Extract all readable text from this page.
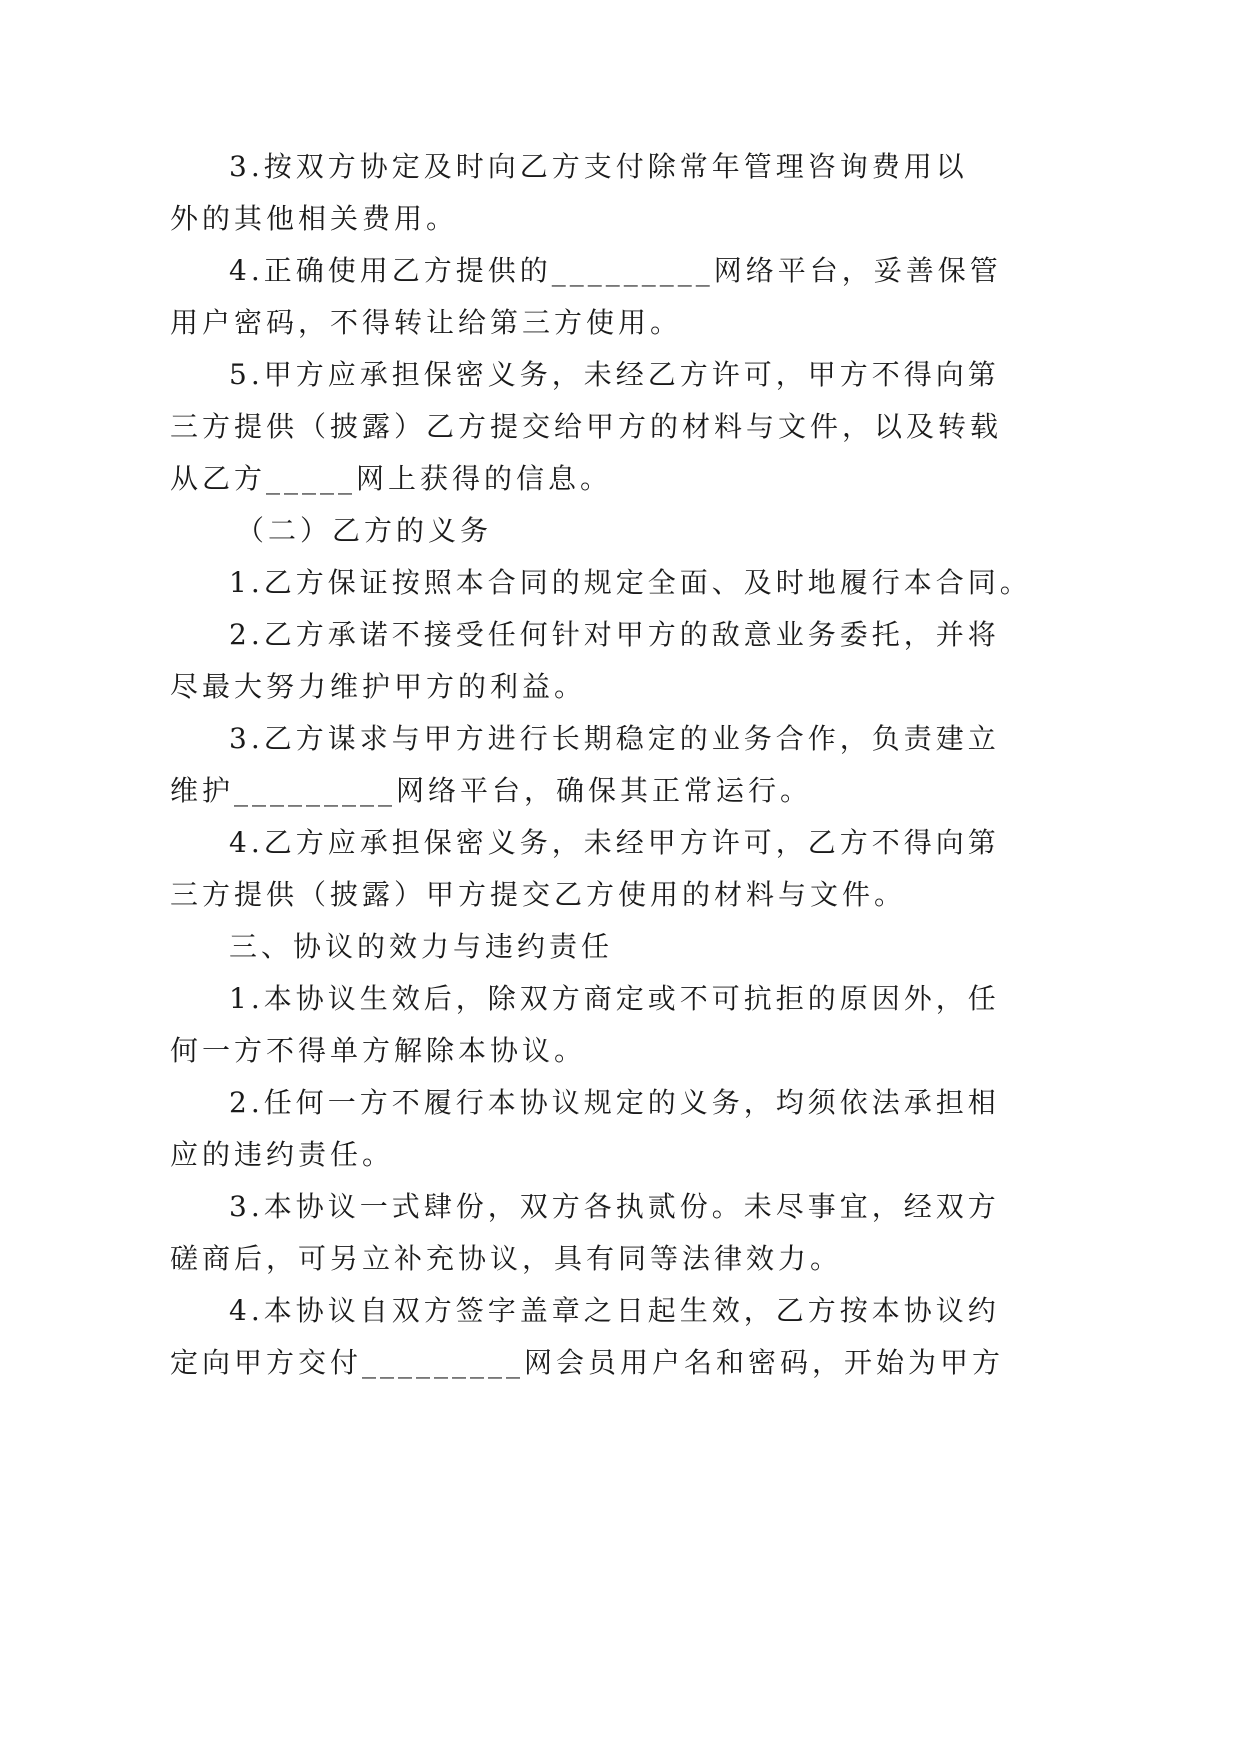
3.按双方协定及时向乙方支付除常年管理咨询费用以
外的其他相关费用。
4.正确使用乙方提供的_________网络平台，妥善保管
用户密码，不得转让给第三方使用。
5.甲方应承担保密义务，未经乙方许可，甲方不得向第
三方提供（披露）乙方提交给甲方的材料与文件，以及转载
从乙方_____网上获得的信息。
（二）乙方的义务
1.乙方保证按照本合同的规定全面、及时地履行本合同。
2.乙方承诺不接受任何针对甲方的敌意业务委托，并将
尽最大努力维护甲方的利益。
3.乙方谋求与甲方进行长期稳定的业务合作，负责建立
维护_________网络平台，确保其正常运行。
4.乙方应承担保密义务，未经甲方许可，乙方不得向第
三方提供（披露）甲方提交乙方使用的材料与文件。
三、协议的效力与违约责任
1.本协议生效后，除双方商定或不可抗拒的原因外，任
何一方不得单方解除本协议。
2.任何一方不履行本协议规定的义务，均须依法承担相
应的违约责任。
3.本协议一式肆份，双方各执贰份。未尽事宜，经双方
磋商后，可另立补充协议，具有同等法律效力。
4.本协议自双方签字盖章之日起生效，乙方按本协议约
定向甲方交付_________网会员用户名和密码，开始为甲方
